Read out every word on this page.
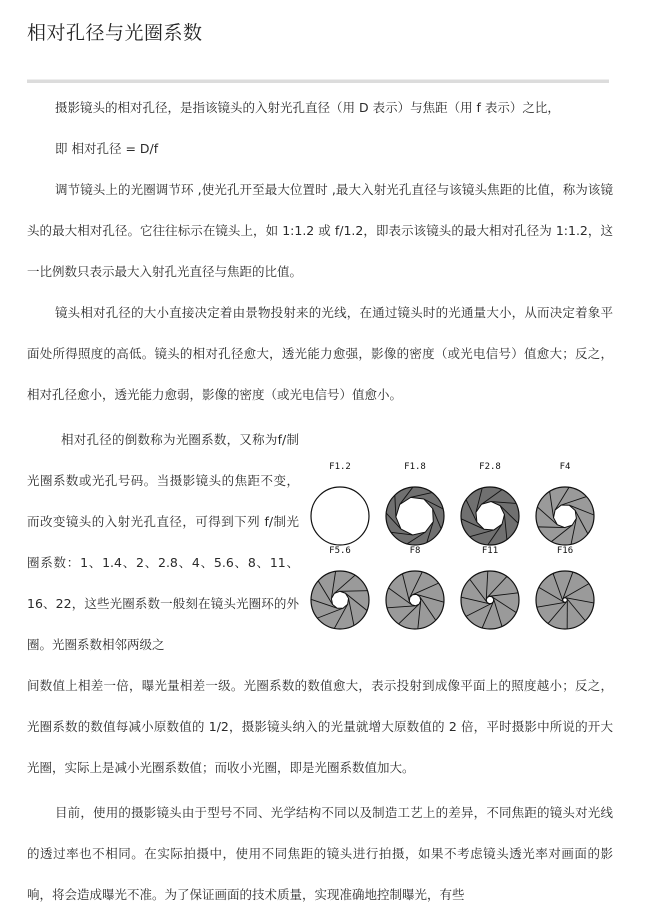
相对孔径与光圈系数

摄影镜头的相对孔径，是指该镜头的入射光孔直径（用 D 表示）与焦距（用 f 表示）之比，

即 相对孔径 = D/f

调节镜头上的光圈调节环 ,使光孔开至最大位置时 ,最大入射光孔直径与该镜头焦距的比值，称为该镜头的最大相对孔径。它往往标示在镜头上，如 1:1.2 或 f/1.2，即表示该镜头的最大相对孔径为 1:1.2，这一比例数只表示最大入射孔光直径与焦距的比值。

镜头相对孔径的大小直接决定着由景物投射来的光线，在通过镜头时的光通量大小，从而决定着象平面处所得照度的高低。镜头的相对孔径愈大，透光能力愈强，影像的密度（或光电信号）值愈大；反之，相对孔径愈小，透光能力愈弱，影像的密度（或光电信号）值愈小。

相对孔径的倒数称为光圈系数，又称为f/制光圈系数或光孔号码。当摄影镜头的焦距不变，而改变镜头的入射光孔直径，可得到下列 f/制光圈系数：1、1.4、2、2.8、4、5.6、8、11、16、22，这些光圈系数一般刻在镜头光圈环的外圈。光圈系数相邻两级之

间数值上相差一倍，曝光量相差一级。光圈系数的数值愈大，表示投射到成像平面上的照度越小；反之，光圈系数的数值每减小原数值的 1/2，摄影镜头纳入的光量就增大原数值的 2 倍，平时摄影中所说的开大光圈，实际上是减小光圈系数值；而收小光圈，即是光圈系数值加大。

目前，使用的摄影镜头由于型号不同、光学结构不同以及制造工艺上的差异，不同焦距的镜头对光线的透过率也不相同。在实际拍摄中，使用不同焦距的镜头进行拍摄，如果不考虑镜头透光率对画面的影响，将会造成曝光不准。为了保证画面的技术质量，实现准确地控制曝光，有些

F1.2	F1.8	F2.8	F4
F5.6	F8	F11	F16
